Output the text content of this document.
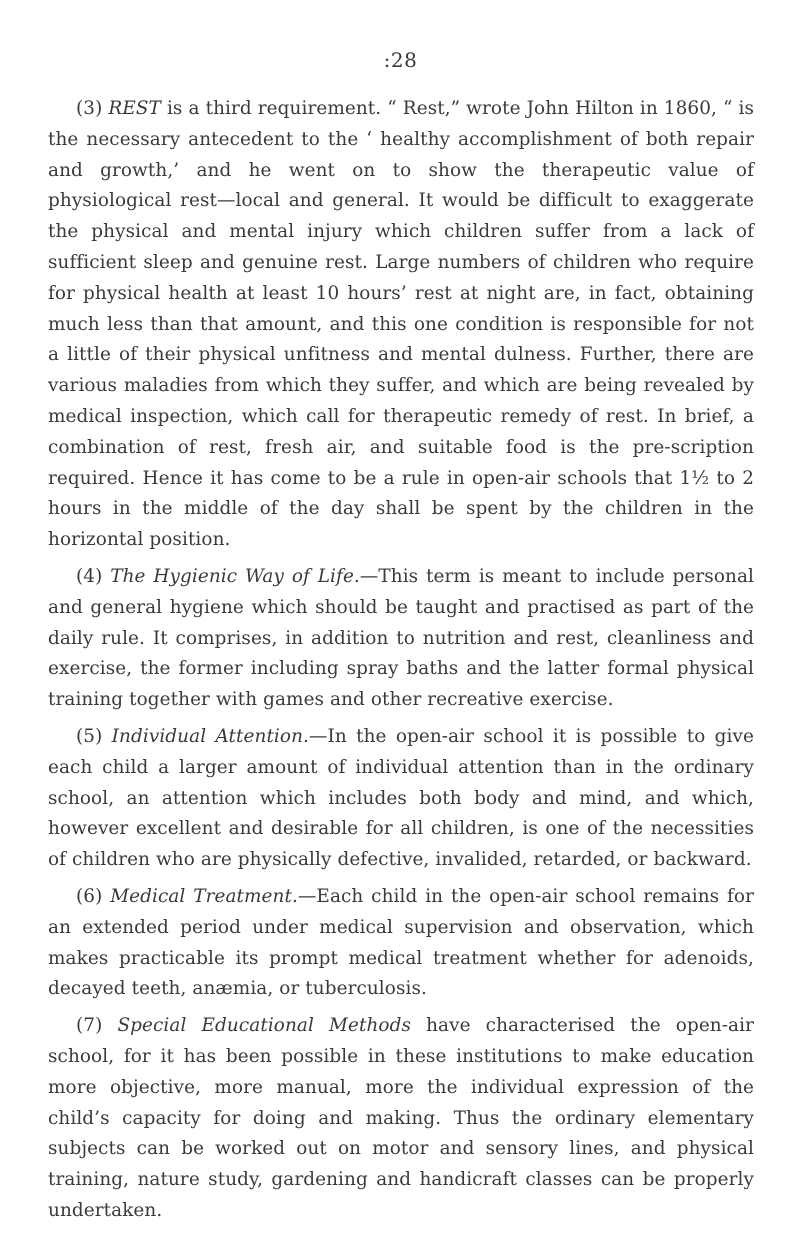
:28

(3) REST is a third requirement. “ Rest,” wrote John Hilton in 1860, “ is the necessary antecedent to the ‘ healthy accomplishment of both repair and growth,’ and he went on to show the therapeutic value of physiological rest—local and general. It would be difficult to exaggerate the physical and mental injury which children suffer from a lack of sufficient sleep and genuine rest. Large numbers of children who require for physical health at least 10 hours’ rest at night are, in fact, obtaining much less than that amount, and this one condition is responsible for not a little of their physical unfitness and mental dulness. Further, there are various maladies from which they suffer, and which are being revealed by medical inspection, which call for therapeutic remedy of rest. In brief, a combination of rest, fresh air, and suitable food is the pre-scription required. Hence it has come to be a rule in open-air schools that 1½ to 2 hours in the middle of the day shall be spent by the children in the horizontal position.

(4) The Hygienic Way of Life.—This term is meant to include personal and general hygiene which should be taught and practised as part of the daily rule. It comprises, in addition to nutrition and rest, cleanliness and exercise, the former including spray baths and the latter formal physical training together with games and other recreative exercise.

(5) Individual Attention.—In the open-air school it is possible to give each child a larger amount of individual attention than in the ordinary school, an attention which includes both body and mind, and which, however excellent and desirable for all children, is one of the necessities of children who are physically defective, invalided, retarded, or backward.

(6) Medical Treatment.—Each child in the open-air school remains for an extended period under medical supervision and observation, which makes practicable its prompt medical treatment whether for adenoids, decayed teeth, anæmia, or tuberculosis.

(7) Special Educational Methods have characterised the open-air school, for it has been possible in these institutions to make education more objective, more manual, more the individual expression of the child’s capacity for doing and making. Thus the ordinary elementary subjects can be worked out on motor and sensory lines, and physical training, nature study, gardening and handicraft classes can be properly undertaken.
